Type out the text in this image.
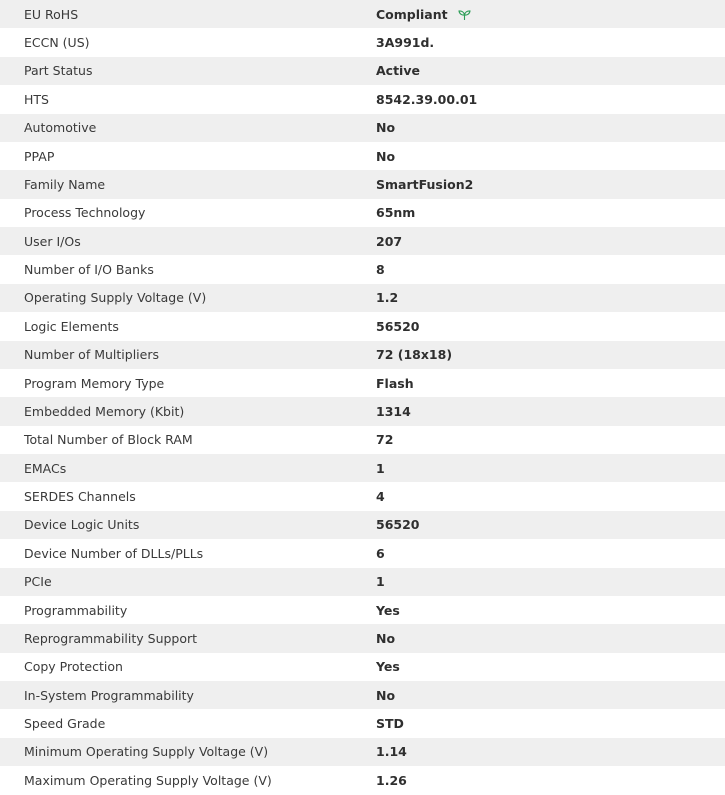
EU RoHS	Compliant
ECCN (US)	3A991d.
Part Status	Active
HTS	8542.39.00.01
Automotive	No
PPAP	No
Family Name	SmartFusion2
Process Technology	65nm
User I/Os	207
Number of I/O Banks	8
Operating Supply Voltage (V)	1.2
Logic Elements	56520
Number of Multipliers	72 (18x18)
Program Memory Type	Flash
Embedded Memory (Kbit)	1314
Total Number of Block RAM	72
EMACs	1
SERDES Channels	4
Device Logic Units	56520
Device Number of DLLs/PLLs	6
PCIe	1
Programmability	Yes
Reprogrammability Support	No
Copy Protection	Yes
In-System Programmability	No
Speed Grade	STD
Minimum Operating Supply Voltage (V)	1.14
Maximum Operating Supply Voltage (V)	1.26
